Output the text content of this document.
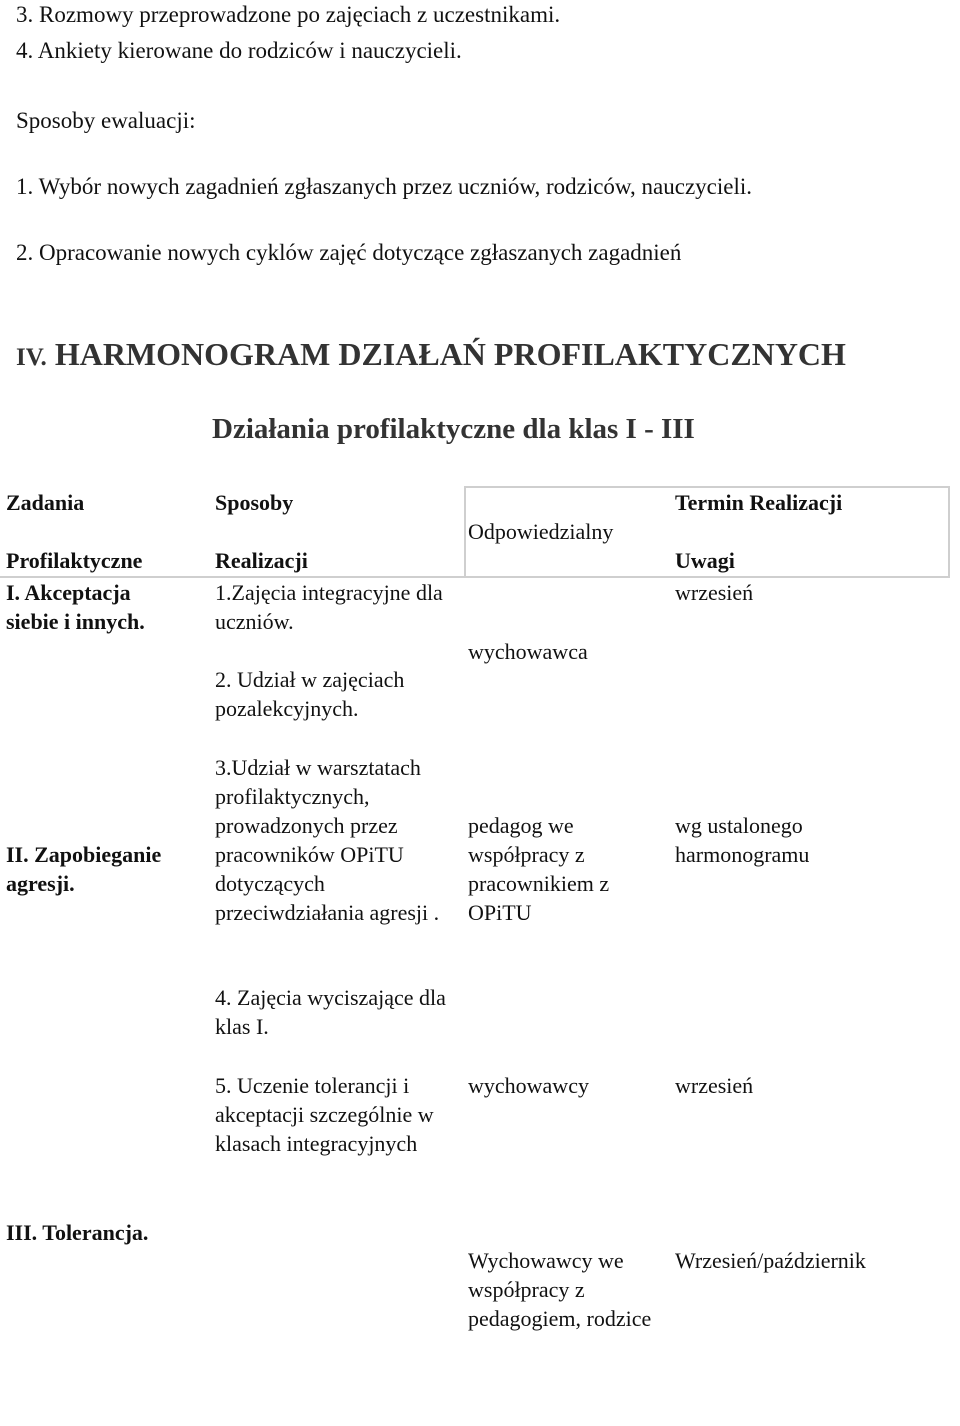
3. Rozmowy przeprowadzone po zajęciach z uczestnikami.
4. Ankiety kierowane do rodziców i nauczycieli.
Sposoby ewaluacji:
1. Wybór nowych zagadnień zgłaszanych przez uczniów, rodziców, nauczycieli.
2. Opracowanie nowych cyklów zajęć dotyczące zgłaszanych zagadnień
IV. HARMONOGRAM DZIAŁAŃ PROFILAKTYCZNYCH
Działania profilaktyczne dla klas I - III
Zadania
Profilaktyczne
Sposoby
Realizacji
Odpowiedzialny
Termin Realizacji
Uwagi
I. Akceptacja siebie i innych.
II. Zapobieganie agresji.
III. Tolerancja.
1.Zajęcia integracyjne dla uczniów.
2. Udział w zajęciach pozalekcyjnych.
3.Udział w warsztatach profilaktycznych, prowadzonych przez pracowników OPiTU dotyczących przeciwdziałania agresji .
4. Zajęcia wyciszające dla klas I.
5. Uczenie tolerancji i akceptacji szczególnie w klasach integracyjnych
wychowawca
pedagog we współpracy z pracownikiem z OPiTU
wychowawcy
Wychowawcy we współpracy z pedagogiem, rodzice
wrzesień
wg ustalonego harmonogramu
wrzesień
Wrzesień/październik
